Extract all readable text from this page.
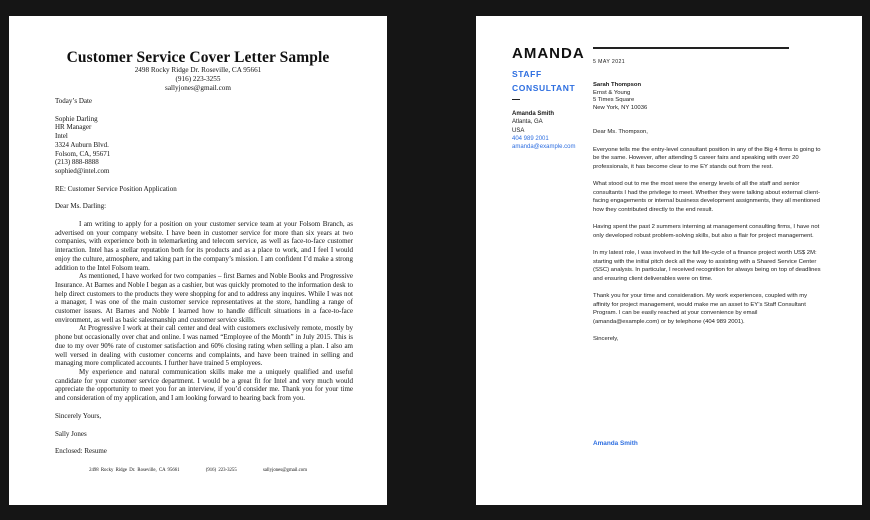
Customer Service Cover Letter Sample
2498 Rocky Ridge Dr. Roseville, CA 95661
(916) 223-3255
sallyjones@gmail.com
Today’s Date
Sophie Darling
HR Manager
Intel
3324 Auburn Blvd.
Folsom, CA, 95671
(213) 888-8888
sophied@intel.com
RE: Customer Service Position Application
Dear Ms. Darling:

I am writing to apply for a position on your customer service team at your Folsom Branch, as advertised on your company website. I have been in customer service for more than six years at two companies, with experience both in telemarketing and telecom service, as well as face-to-face customer interaction. Intel has a stellar reputation both for its products and as a place to work, and I feel I would enjoy the culture, atmosphere, and taking part in the company’s mission. I am confident I’d make a strong addition to the Intel Folsom team.

As mentioned, I have worked for two companies – first Barnes and Noble Books and Progressive Insurance. At Barnes and Noble I began as a cashier, but was quickly promoted to the information desk to help direct customers to the products they were shopping for and to address any inquires. While I was not a manager, I was one of the main customer service representatives at the store, handling a range of customer issues. At Barnes and Noble I learned how to handle difficult situations in a face-to-face environment, as well as basic salesmanship and customer service skills.

At Progressive I work at their call center and deal with customers exclusively remote, mostly by phone but occasionally over chat and online. I was named “Employee of the Month” in July 2015. This is due to my over 90% rate of customer satisfaction and 60% closing rating when selling a plan. I also am well versed in dealing with customer concerns and complaints, and have been trained in selling and managing more complicated accounts. I further have trained 5 employees.

My experience and natural communication skills make me a uniquely qualified and useful candidate for your customer service department. I would be a great fit for Intel and very much would appreciate the opportunity to meet you for an interview, if you’d consider me. Thank you for your time and consideration of my application, and I am looking forward to hearing back from you.

Sincerely Yours,
Sally Jones
Enclosed: Resume
2498 Rocky Ridge Dr. Roseville, CA 95661	(916) 223-3255	sallyjones@gmail.com
AMANDA
STAFF
CONSULTANT
Amanda Smith
Atlanta, GA
USA
404 989 2001
amanda@example.com
5 MAY 2021
Sarah Thompson
Ernst & Young
5 Times Square
New York, NY 10036

Dear Ms. Thompson,

Everyone tells me the entry-level consultant position in any of the Big 4 firms is going to be the same. However, after attending 5 career fairs and speaking with over 20 professionals, it has become clear to me EY stands out from the rest.

What stood out to me the most were the energy levels of all the staff and senior consultants I had the privilege to meet. Whether they were talking about external client-facing engagements or internal business development assignments, they all mentioned how they contributed directly to the end result.

Having spent the past 2 summers interning at management consulting firms, I have not only developed robust problem-solving skills, but also a flair for project management.

In my latest role, I was involved in the full life-cycle of a finance project worth US$ 2M: starting with the initial pitch deck all the way to assisting with a Shared Service Center (SSC) analysis. In particular, I received recognition for always being on top of deadlines and ensuring client deliverables were on time.

Thank you for your time and consideration. My work experiences, coupled with my affinity for project management, would make me an asset to EY’s Staff Consultant Program. I can be easily reached at your convenience by email (amanda@example.com) or by telephone (404 989 2001).

Sincerely,

Amanda Smith
